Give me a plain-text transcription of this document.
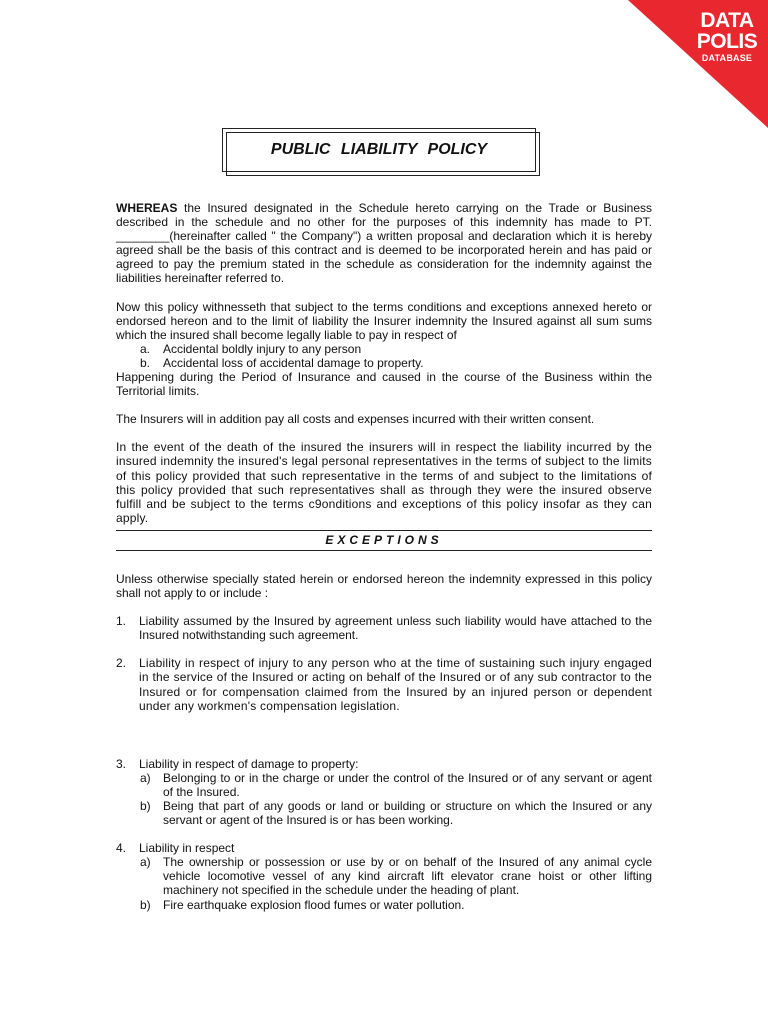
DATA
POLIS
DATABASE
PUBLIC LIABILITY POLICY

WHEREAS the Insured designated in the Schedule hereto carrying on the Trade or Business described in the schedule and no other for the purposes of this indemnity has made to PT. ________(hereinafter called " the Company") a written proposal and declaration which it is hereby agreed shall be the basis of this contract and is deemed to be incorporated herein and has paid or agreed to pay the premium stated in the schedule as consideration for the indemnity against the liabilities hereinafter referred to.

Now this policy withnesseth that subject to the terms conditions and exceptions annexed hereto or endorsed hereon and to the limit of liability the Insurer indemnity the Insured against all sum sums which the insured shall become legally liable to pay in respect of

a. Accidental boldly injury to any person

b. Accidental loss of accidental damage to property.

Happening during the Period of Insurance and caused in the course of the Business within the Territorial limits.

The Insurers will in addition pay all costs and expenses incurred with their written consent.

In the event of the death of the insured the insurers will in respect the liability incurred by the insured indemnity the insured's legal personal representatives in the terms of subject to the limits of this policy provided that such representative in the terms of and subject to the limitations of this policy provided that such representatives shall as through they were the insured observe fulfill and be subject to the terms c9onditions and exceptions of this policy insofar as they can apply.

EXCEPTIONS

Unless otherwise specially stated herein or endorsed hereon the indemnity expressed in this policy shall not apply to or include :

1. Liability assumed by the Insured by agreement unless such liability would have attached to the Insured notwithstanding such agreement.

2. Liability in respect of injury to any person who at the time of sustaining such injury engaged in the service of the Insured or acting on behalf of the Insured or of any sub contractor to the Insured or for compensation claimed from the Insured by an injured person or dependent under any workmen's compensation legislation.

3. Liability in respect of damage to property:

a) Belonging to or in the charge or under the control of the Insured or of any servant or agent of the Insured.

b) Being that part of any goods or land or building or structure on which the Insured or any servant or agent of the Insured is or has been working.

4. Liability in respect

a) The ownership or possession or use by or on behalf of the Insured of any animal cycle vehicle locomotive vessel of any kind aircraft lift elevator crane hoist or other lifting machinery not specified in the schedule under the heading of plant.

b) Fire earthquake explosion flood fumes or water pollution.
